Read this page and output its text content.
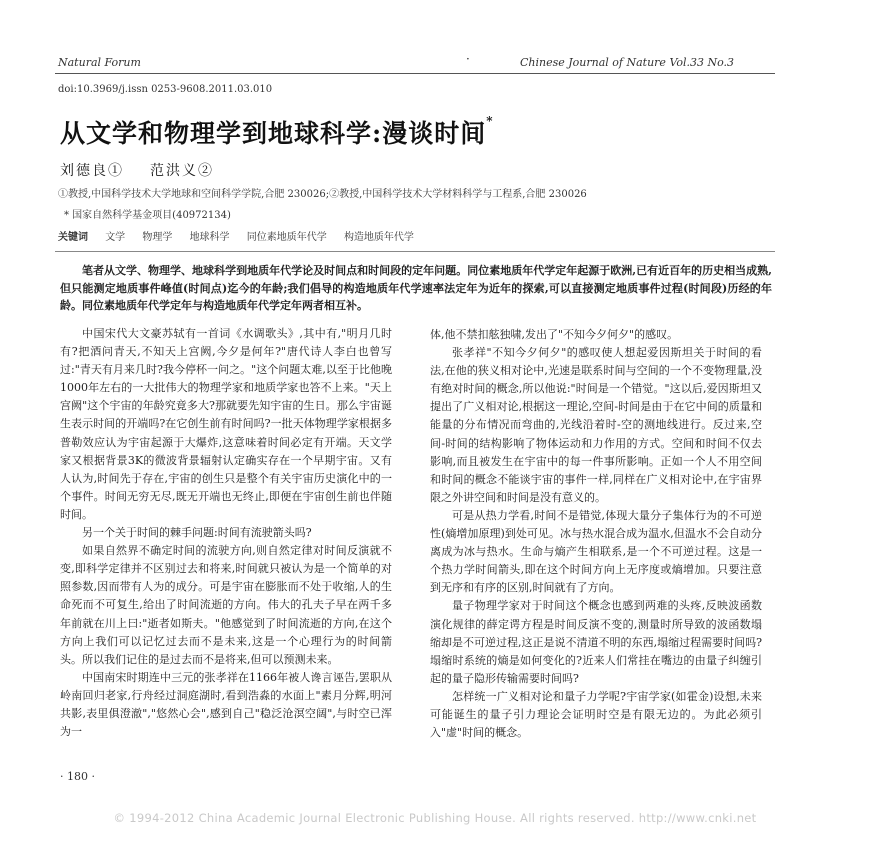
Natural Forum	·	Chinese Journal of Nature Vol.33 No.3
doi:10.3969/j.issn 0253-9608.2011.03.010
从文学和物理学到地球科学:漫谈时间*
刘德良① 范洪义②
①教授,中国科学技术大学地球和空间科学学院,合肥 230026;②教授,中国科学技术大学材料科学与工程系,合肥 230026
* 国家自然科学基金项目(40972134)
关键词 文学 物理学 地球科学 同位素地质年代学 构造地质年代学
笔者从文学、物理学、地球科学到地质年代学论及时间点和时间段的定年问题。同位素地质年代学定年起源于欧洲,已有近百年的历史相当成熟,但只能测定地质事件峰值(时间点)迄今的年龄;我们倡导的构造地质年代学速率法定年为近年的探索,可以直接测定地质事件过程(时间段)历经的年龄。同位素地质年代学定年与构造地质年代学定年两者相互补。

中国宋代大文豪苏轼有一首词《水调歌头》,其中有,"明月几时有?把酒问青天,不知天上宫阙,今夕是何年?"唐代诗人李白也曾写过:"青天有月来几时?我今停杯一问之。"这个问题太难,以至于比他晚1000年左右的一大批伟大的物理学家和地质学家也答不上来。"天上宫阙"这个宇宙的年龄究竟多大?那就要先知宇宙的生日。那么宇宙诞生表示时间的开端吗?在它创生前有时间吗?一批天体物理学家根据多普勒效应认为宇宙起源于大爆炸,这意味着时间必定有开端。天文学家又根据背景3K的微波背景辐射认定确实存在一个早期宇宙。又有人认为,时间先于存在,宇宙的创生只是整个有关宇宙历史演化中的一个事件。时间无穷无尽,既无开端也无终止,即便在宇宙创生前也伴随时间。

另一个关于时间的棘手问题:时间有流驶箭头吗?

如果自然界不确定时间的流驶方向,则自然定律对时间反演就不变,即科学定律并不区别过去和将来,时间就只被认为是一个简单的对照参数,因而带有人为的成分。可是宇宙在膨胀而不处于收缩,人的生命死而不可复生,给出了时间流逝的方向。伟大的孔夫子早在两千多年前就在川上曰:"逝者如斯夫。"他感觉到了时间流逝的方向,在这个方向上我们可以记忆过去而不是未来,这是一个心理行为的时间箭头。所以我们记住的是过去而不是将来,但可以预测未来。

中国南宋时期连中三元的张孝祥在1166年被人谗言诬告,罢职从岭南回归老家,行舟经过洞庭湖时,看到浩淼的水面上"素月分辉,明河共影,表里俱澄澈","悠然心会",感到自己"稳泛沧溟空阔",与时空已浑为一

体,他不禁扣舷独啸,发出了"不知今夕何夕"的感叹。

张孝祥"不知今夕何夕"的感叹使人想起爱因斯坦关于时间的看法,在他的狭义相对论中,光速是联系时间与空间的一个不变物理量,没有绝对时间的概念,所以他说:"时间是一个错觉。"这以后,爱因斯坦又提出了广义相对论,根据这一理论,空间-时间是由于在它中间的质量和能量的分布情况而弯曲的,光线沿着时-空的测地线进行。反过来,空间-时间的结构影响了物体运动和力作用的方式。空间和时间不仅去影响,而且被发生在宇宙中的每一件事所影响。正如一个人不用空间和时间的概念不能谈宇宙的事件一样,同样在广义相对论中,在宇宙界限之外讲空间和时间是没有意义的。

可是从热力学看,时间不是错觉,体现大量分子集体行为的不可逆性(熵增加原理)到处可见。冰与热水混合成为温水,但温水不会自动分离成为冰与热水。生命与熵产生相联系,是一个不可逆过程。这是一个热力学时间箭头,即在这个时间方向上无序度或熵增加。只要注意到无序和有序的区别,时间就有了方向。

量子物理学家对于时间这个概念也感到两难的头疼,反映波函数演化规律的薛定谔方程是时间反演不变的,测量时所导致的波函数塌缩却是不可逆过程,这正是说不清道不明的东西,塌缩过程需要时间吗?塌缩时系统的熵是如何变化的?近来人们常挂在嘴边的由量子纠缠引起的量子隐形传输需要时间吗?

怎样统一广义相对论和量子力学呢?宇宙学家(如霍金)设想,未来可能诞生的量子引力理论会证明时空是有限无边的。为此必须引入"虚"时间的概念。

· 180 ·
© 1994-2012 China Academic Journal Electronic Publishing House. All rights reserved. http://www.cnki.net
